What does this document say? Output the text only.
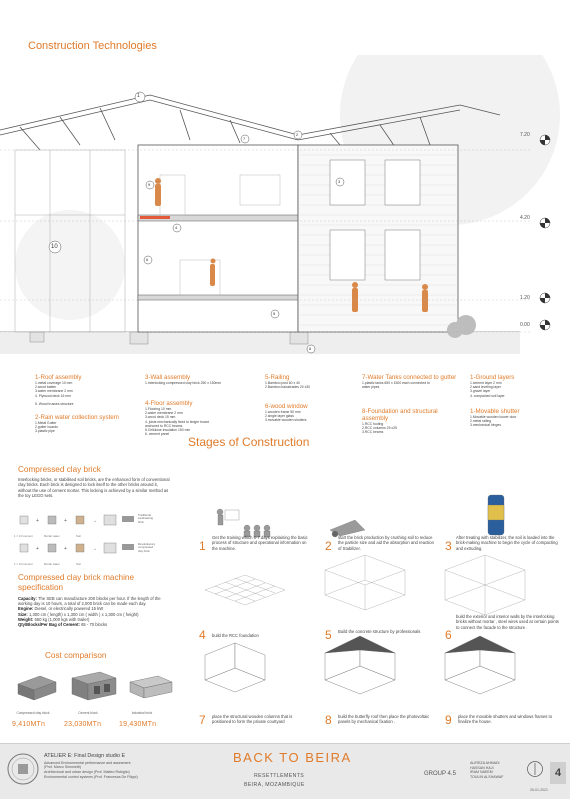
Construction Technologies
1
2
3
4
5
6
7
8
9
10
7.20
4.20
1.20
0.00
1-Roof assembly
1.metal coverage 10 mm
2.wood batten
3.water membrane 2 mm
4. Plywood deck 16 mm

5. Wood trusses structure
2-Rain water collection system
1.Metal Gutter
2.gutter boards
3.plastic pipe
3-Wall assembly
1.Interlocking compressed clay brick 250 x 150mm
4-Floor assembly
1.Flooring 10 mm
2.water membrane 2 mm
3.wood deck 15 mm
4. joists mechanically fixed to ledger board
anchored to RCC beams
5.Cellulose insulation 150 mm
6. cement panel
5-Railing
1.Bamboo post 60 x 40
2.Bamboo balustrades 20 x30
6-wood window
1.wooden frame 50 mm
2.single layer glass
3.movable wooden shutters
7-Water Tanks connected to gutter
1.plastic tanks 650 x 1500 each connected to
water pipes
8-Foundation and structural assembly
1.RCC footing
2.RCC columns 25 x25
3.RCC beams
1-Ground layers
1.cement layer 2 mm
2.sand leveling layer
3.gravel layer
4. compacted soil layer
1-Movable shutter
1.Movable wooden louver door
2.metal railing
3.mechanical hinges
Compressed clay brick
Interlocking bricks, or stabilised soil bricks, are the enhanced form of conventional clay bricks. Each brick is designed to lock itself to the other bricks around it, without the use of cement mortar. This locking is achieved by a similar method as the toy LEGO sets.
+	+	→
+	+	→
1 = 1/3 cement	Mortar water	Soil
1 = 1/3 cement	Mortar water	Soil
Traditional
sandcasting
brick
Revolutionary
compressed
clay brick
Compressed clay brick machine specification
Capacity: The SEB can manufacture 200 blocks per hour. If the length of the working day is 10 hours, a total of 2,000 brick can be made each day.
Engine: Diesel, or electrically powered 15 kW
Size: 1,300 cm ( length) x 1,300 cm ( width ) x 1,300 cm ( height)
Weight: 550 kg (1,000 kgs with trailer)
Qty/Blocks/Per Bag of Cement: 65 - 70 blocks
Cost comparison
Compressed clay block	Cement block	Industrial brick
9,410MTn	23,030MTn	19,430MTn
Stages of Construction
1
Get the training which 6-7 days explaining the basic process of structure and operational information on the machine.	2
start the brick production by crushing soil to reduce the particle size and aid the absorption and reaction of Stabilizer.	3
After treating with stabilizer, the soil is loaded into the brick-making machine to begin the cycle of compacting and extruding.
4 build the RCC foundation	5 Build the concrete structure by professionals	6
build the exterior and interior walls by the interlocking bricks without mortar , steel wires used at certain points to connect the facade to the structure .
7 place the structural wooden columns that is positioned to form the private courtyard	8 build the butterfly roof then place the photovoltaic panels by mechanical fixation .	9 place the movable shutters and windows frames to finalize the house.
ATELIER E: Final Design studio E
Advanced Environmental performance and assesment
(Prof. Marco Simonetti)
Architectural and urban design (Prof. Matteo Robiglio)
Environmental control systems (Prof. Francesca De Filippi)
BACK TO BEIRA
RESETTLEMENTS
BEIRA, MOZAMBIQUE
GROUP 4.5
ALIREZA AHMADI
HASSAN HAJI
IRAM NAEEM
TOULIN ALSHAWAF	4
26-01-2021
